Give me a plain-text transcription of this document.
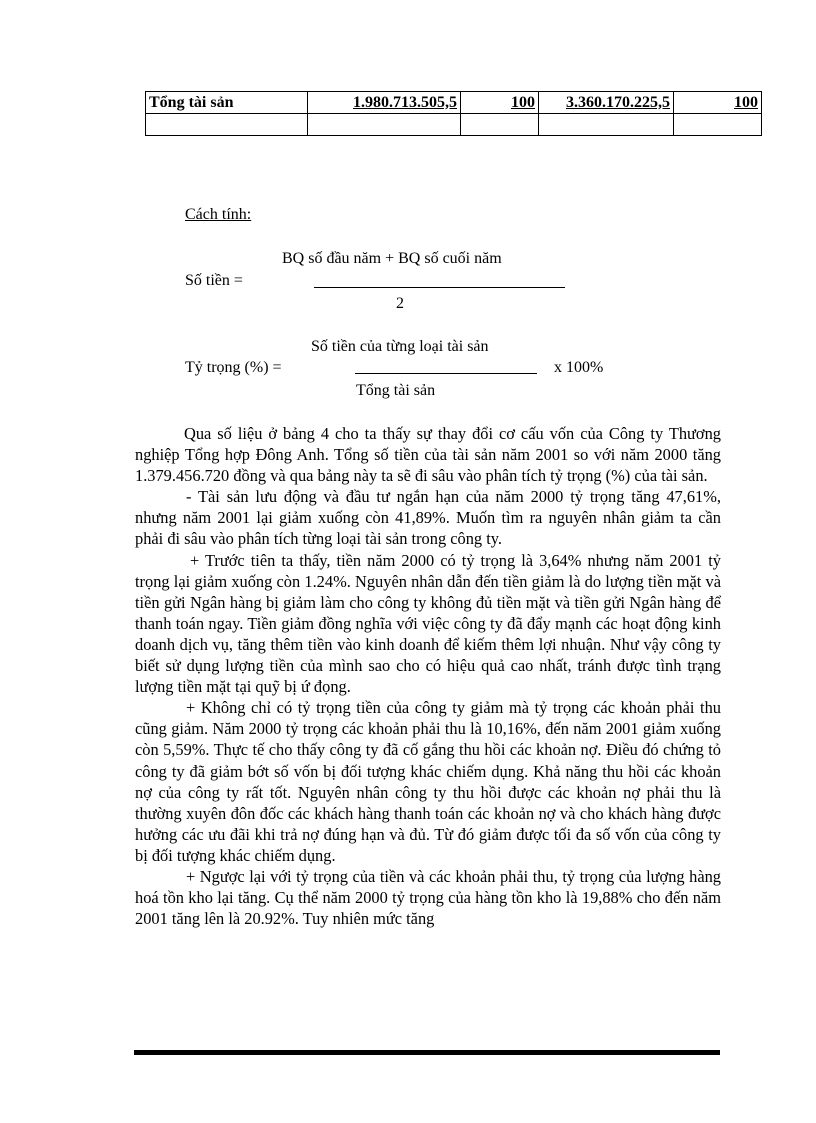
Tổng tài sản	1.980.713.505,5	100	3.360.170.225,5	100

Cách tính:
BQ số đầu năm + BQ số cuối năm
Số tiền =
2
Số tiền của từng loại tài sản
Tỷ trọng (%) =	x 100%
Tổng tài sản

Qua số liệu ở bảng 4 cho ta thấy sự thay đổi cơ cấu vốn của Công ty Thương nghiệp Tổng hợp Đông Anh. Tổng số tiền của tài sản năm 2001 so với năm 2000 tăng 1.379.456.720 đồng và qua bảng này ta sẽ đi sâu vào phân tích tỷ trọng (%) của tài sản.

- Tài sản lưu động và đầu tư ngắn hạn của năm 2000 tỷ trọng tăng 47,61%, nhưng năm 2001 lại giảm xuống còn 41,89%. Muốn tìm ra nguyên nhân giảm ta cần phải đi sâu vào phân tích từng loại tài sản trong công ty.

+ Trước tiên ta thấy, tiền năm 2000 có tỷ trọng là 3,64% nhưng năm 2001 tỷ trọng lại giảm xuống còn 1.24%. Nguyên nhân dẫn đến tiền giảm là do lượng tiền mặt và tiền gửi Ngân hàng bị giảm làm cho công ty không đủ tiền mặt và tiền gửi Ngân hàng để thanh toán ngay. Tiền giảm đồng nghĩa với việc công ty đã đẩy mạnh các hoạt động kinh doanh dịch vụ, tăng thêm tiền vào kinh doanh để kiếm thêm lợi nhuận. Như vậy công ty biết sử dụng lượng tiền của mình sao cho có hiệu quả cao nhất, tránh được tình trạng lượng tiền mặt tại quỹ bị ứ đọng.

+ Không chỉ có tỷ trọng tiền của công ty giảm mà tỷ trọng các khoản phải thu cũng giảm. Năm 2000 tỷ trọng các khoản phải thu là 10,16%, đến năm 2001 giảm xuống còn 5,59%. Thực tế cho thấy công ty đã cố gắng thu hồi các khoản nợ. Điều đó chứng tỏ công ty đã giảm bớt số vốn bị đối tượng khác chiếm dụng. Khả năng thu hồi các khoản nợ của công ty rất tốt. Nguyên nhân công ty thu hồi được các khoản nợ phải thu là thường xuyên đôn đốc các khách hàng thanh toán các khoản nợ và cho khách hàng được hưởng các ưu đãi khi trả nợ đúng hạn và đủ. Từ đó giảm được tối đa số vốn của công ty bị đối tượng khác chiếm dụng.

+ Ngược lại với tỷ trọng của tiền và các khoản phải thu, tỷ trọng của lượng hàng hoá tồn kho lại tăng. Cụ thể năm 2000 tỷ trọng của hàng tồn kho là 19,88% cho đến năm 2001 tăng lên là 20.92%. Tuy nhiên mức tăng
